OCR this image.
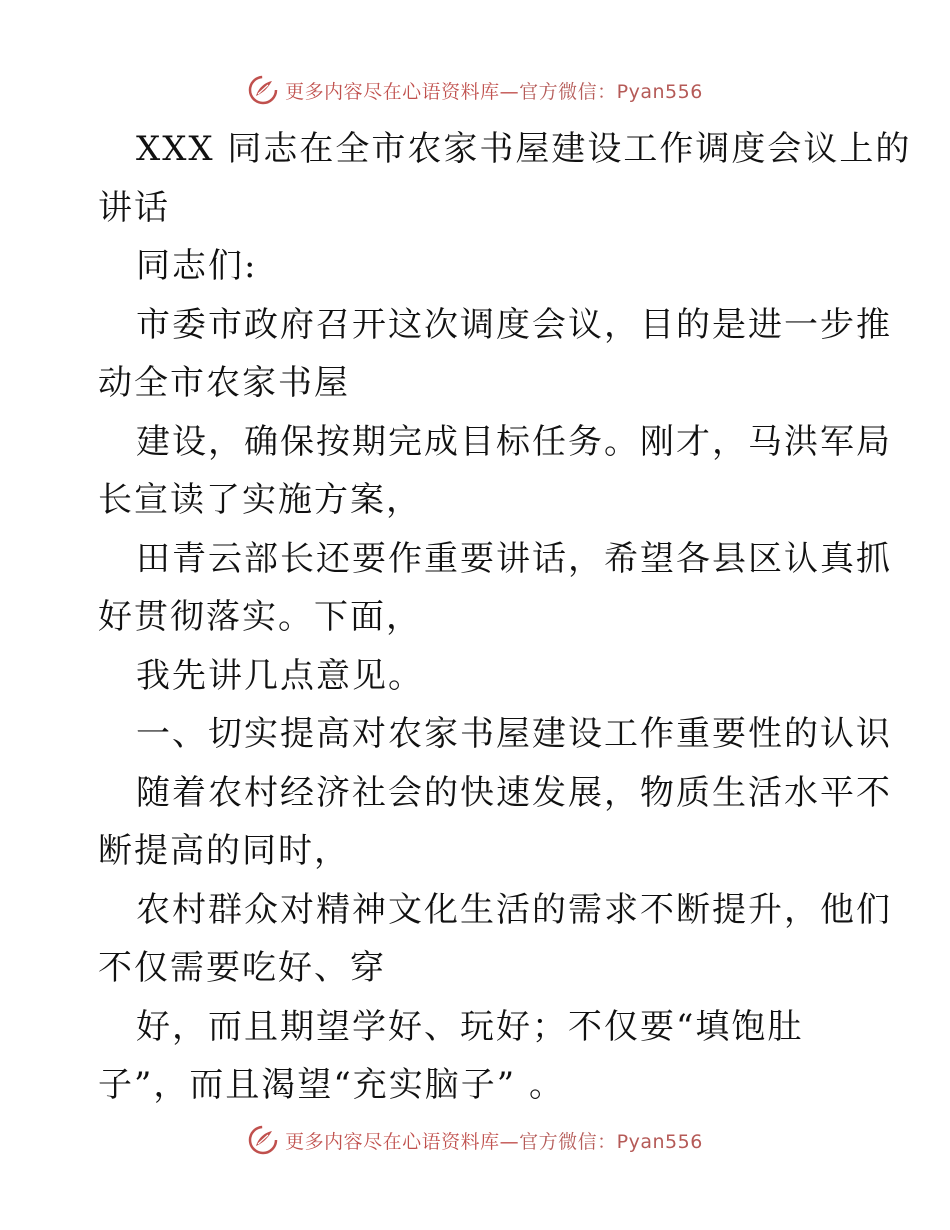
更多内容尽在心语资料库—官方微信：Pyan556
XXX 同志在全市农家书屋建设工作调度会议上的
讲话
同志们:
市委市政府召开这次调度会议，目的是进一步推
动全市农家书屋
建设，确保按期完成目标任务。刚才，马洪军局
长宣读了实施方案，
田青云部长还要作重要讲话，希望各县区认真抓
好贯彻落实。下面，
我先讲几点意见。
一、切实提高对农家书屋建设工作重要性的认识
随着农村经济社会的快速发展，物质生活水平不
断提高的同时，
农村群众对精神文化生活的需求不断提升，他们
不仅需要吃好、穿
好，而且期望学好、玩好；不仅要“填饱肚
子”，而且渴望“充实脑子” 。
更多内容尽在心语资料库—官方微信：Pyan556
